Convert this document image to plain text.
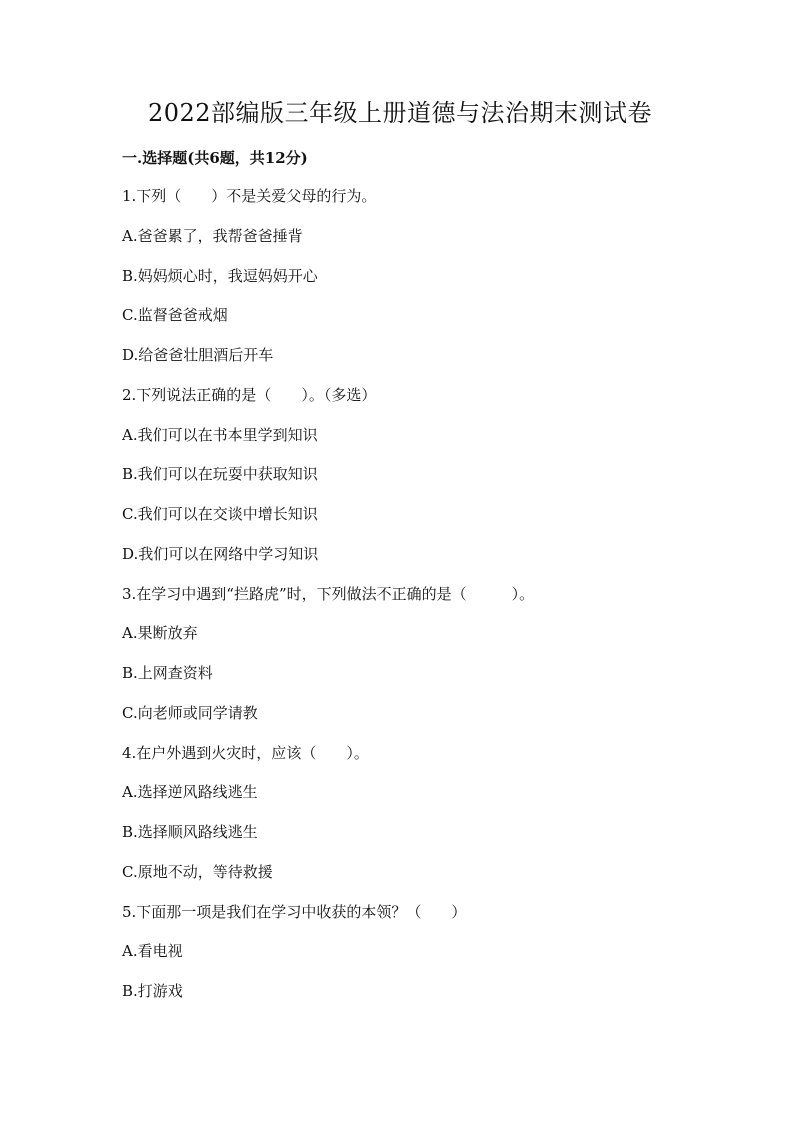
2022部编版三年级上册道德与法治期末测试卷
一.选择题(共6题，共12分)
1.下列（　　）不是关爱父母的行为。
A.爸爸累了，我帮爸爸捶背
B.妈妈烦心时，我逗妈妈开心
C.监督爸爸戒烟
D.给爸爸壮胆酒后开车
2.下列说法正确的是（　　）。（多选）
A.我们可以在书本里学到知识
B.我们可以在玩耍中获取知识
C.我们可以在交谈中增长知识
D.我们可以在网络中学习知识
3.在学习中遇到“拦路虎”时，下列做法不正确的是（　　　）。
A.果断放弃
B.上网查资料
C.向老师或同学请教
4.在户外遇到火灾时，应该（　　）。
A.选择逆风路线逃生
B.选择顺风路线逃生
C.原地不动，等待救援
5.下面那一项是我们在学习中收获的本领？（　　）
A.看电视
B.打游戏
